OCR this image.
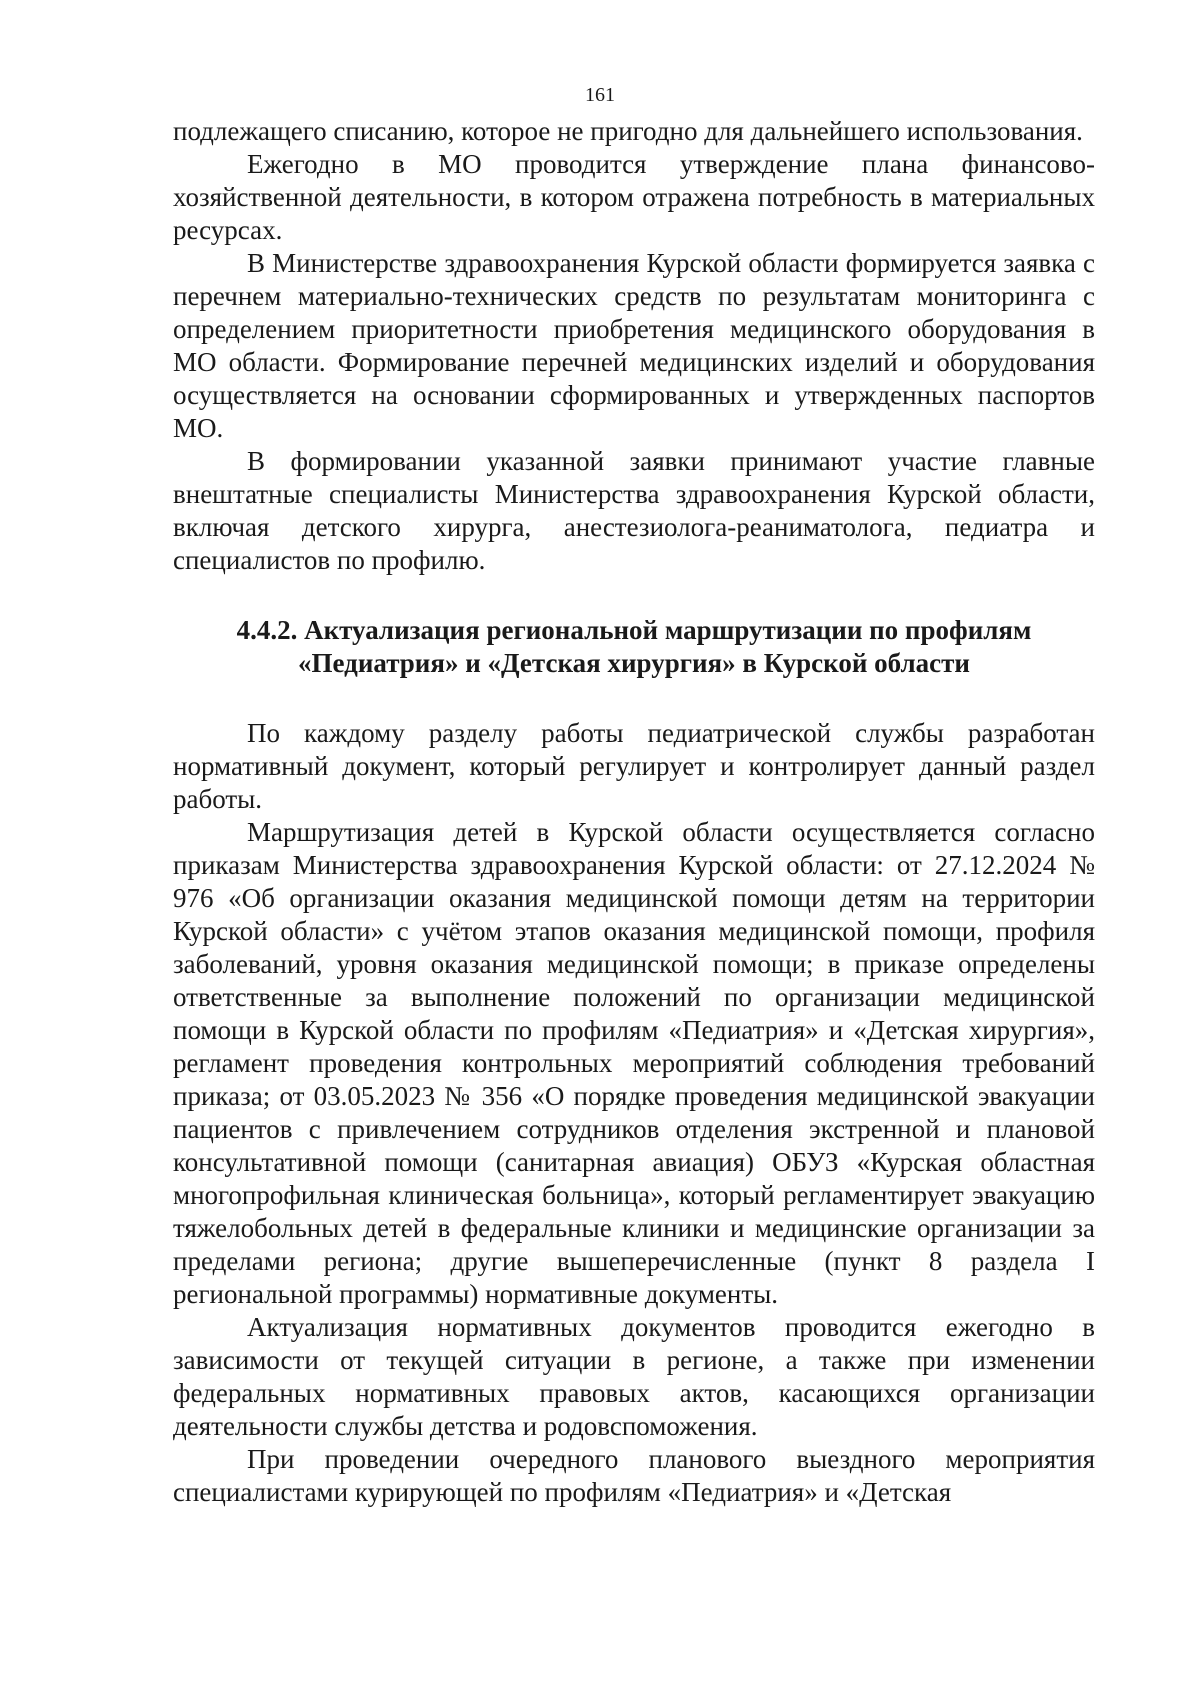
161

подлежащего списанию, которое не пригодно для дальнейшего использования.

Ежегодно в МО проводится утверждение плана финансово-хозяйственной деятельности, в котором отражена потребность в материальных ресурсах.

В Министерстве здравоохранения Курской области формируется заявка с перечнем материально-технических средств по результатам мониторинга с определением приоритетности приобретения медицинского оборудования в МО области. Формирование перечней медицинских изделий и оборудования осуществляется на основании сформированных и утвержденных паспортов МО.

В формировании указанной заявки принимают участие главные внештатные специалисты Министерства здравоохранения Курской области, включая детского хирурга, анестезиолога-реаниматолога, педиатра и специалистов по профилю.

4.4.2. Актуализация региональной маршрутизации по профилям
«Педиатрия» и «Детская хирургия» в Курской области

По каждому разделу работы педиатрической службы разработан нормативный документ, который регулирует и контролирует данный раздел работы.

Маршрутизация детей в Курской области осуществляется согласно приказам Министерства здравоохранения Курской области: от 27.12.2024 № 976 «Об организации оказания медицинской помощи детям на территории Курской области» с учётом этапов оказания медицинской помощи, профиля заболеваний, уровня оказания медицинской помощи; в приказе определены ответственные за выполнение положений по организации медицинской помощи в Курской области по профилям «Педиатрия» и «Детская хирургия», регламент проведения контрольных мероприятий соблюдения требований приказа; от 03.05.2023 № 356 «О порядке проведения медицинской эвакуации пациентов с привлечением сотрудников отделения экстренной и плановой консультативной помощи (санитарная авиация) ОБУЗ «Курская областная многопрофильная клиническая больница», который регламентирует эвакуацию тяжелобольных детей в федеральные клиники и медицинские организации за пределами региона; другие вышеперечисленные (пункт 8 раздела I региональной программы) нормативные документы.

Актуализация нормативных документов проводится ежегодно в зависимости от текущей ситуации в регионе, а также при изменении федеральных нормативных правовых актов, касающихся организации деятельности службы детства и родовспоможения.

При проведении очередного планового выездного мероприятия специалистами курирующей по профилям «Педиатрия» и «Детская
